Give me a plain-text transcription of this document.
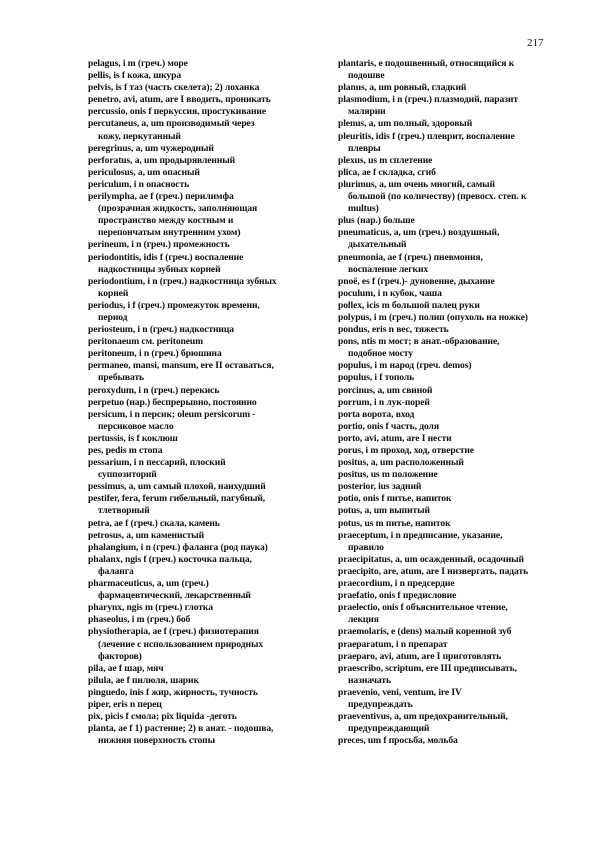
217
pelagus, i m (греч.) море
pellis, is f кожа, шкура
pelvis, is f таз (часть скелета); 2) лоханка
penetro, avi, atum, are I вводить, проникать
percussio, onis f перкуссия, простукивание
percutaneus, a, um производимый через
кожу, перкутанный
peregrinus, a, um чужеродный
perforatus, a, um продырявленный
periculosus, a, um опасный
periculum, i n опасность
perilympha, ae f (греч.) перилимфа
(прозрачная жидкость, заполняющая
пространство между костным и
перепончатым внутренним ухом)
perineum, i n (греч.) промежность
periodontitis, idis f (греч.) воспаление
надкостницы зубных корней
periodontium, i n (греч.) надкостница зубных
корней
periodus, i f (греч.) промежуток времени,
период
periosteum, i n (греч.) надкостница
peritonaeum см. peritoneum
peritoneum, i n (греч.) брюшина
permaneo, mansi, mansum, ere II оставаться,
пребывать
peroxydum, i n (греч.) перекись
perpetuo (нар.) беспрерывно, постоянно
persicum, i n персик; oleum persicorum -
персиковое масло
pertussis, is f коклюш
pes, pedis m стопа
pessarium, i n пессарий, плоский
суппозиторий
pessimus, a, um самый плохой, наихудший
pestifer, fera, ferum гибельный, пагубный,
тлетворный
petra, ae f (греч.) скала, камень
petrosus, a, um каменистый
phalangium, i n (греч.) фаланга (род паука)
phalanx, ngis f (греч.) косточка пальца,
фаланга
pharmaceuticus, a, um (греч.)
фармацевтический, лекарственный
pharynx, ngis m (греч.) глотка
phaseolus, i m (греч.) боб
physiotherapia, ae f (греч.) физиотерапия
(лечение с использованием природных
факторов)
pila, ae f шар, мяч
pilula, ae f пилюля, шарик
pinguedo, inis f жир, жирность, тучность
piper, eris n перец
pix, picis f смола; pix liquida -деготь
planta, ae f 1) растение; 2) в анат. - подошва,
нижняя поверхность стопы
plantaris, e подошвенный, относящийся к
подошве
planus, a, um ровный, гладкий
plasmodium, i n (греч.) плазмодий, паразит
малярии
plenus, a, um полный, здоровый
pleuritis, idis f (греч.) плеврит, воспаление
плевры
plexus, us m сплетение
plica, ae f складка, сгиб
plurimus, a, um очень многий, самый
большой (по количеству) (превосх. степ. к
multus)
plus (нар.) больше
pneumaticus, a, um (греч.) воздушный,
дыхательный
pneumonia, ae f (греч.) пневмония,
воспаление легких
pnoë, es f (греч.)- дуновение, дыхание
poculum, i n кубок, чаша
pollex, icis m большой палец руки
polypus, i m (греч.) полип (опухоль на ножке)
pondus, eris n вес, тяжесть
pons, ntis m мост; в анат.-образование,
подобное мосту
populus, i m народ (греч. demos)
populus, i f тополь
porcinus, a, um свиной
porrum, i n лук-порей
porta ворота, вход
portio, onis f часть, доля
porto, avi, atum, are I нести
porus, i m проход, ход, отверстие
positus, a, um расположенный
positus, us m положение
posterior, ius задний
potio, onis f питье, напиток
potus, a, um выпитый
potus, us m питье, напиток
praeceptum, i n предписание, указание,
правило
praecipitatus, a, um осажденный, осадочный
praecipito, are, atum, are I низвергать, падать
praecordium, i n предсердие
praefatio, onis f предисловие
praelectio, onis f объяснительное чтение,
лекция
praemolaris, e (dens) малый коренной зуб
praeparatum, i n препарат
praeparo, avi, atum, are I приготовлять
praescribo, scriptum, ere III предписывать,
назначать
praevenio, veni, ventum, ire IV
предупреждать
praeventivus, a, um предохранительный,
предупреждающий
preces, um f просьба, мольба
